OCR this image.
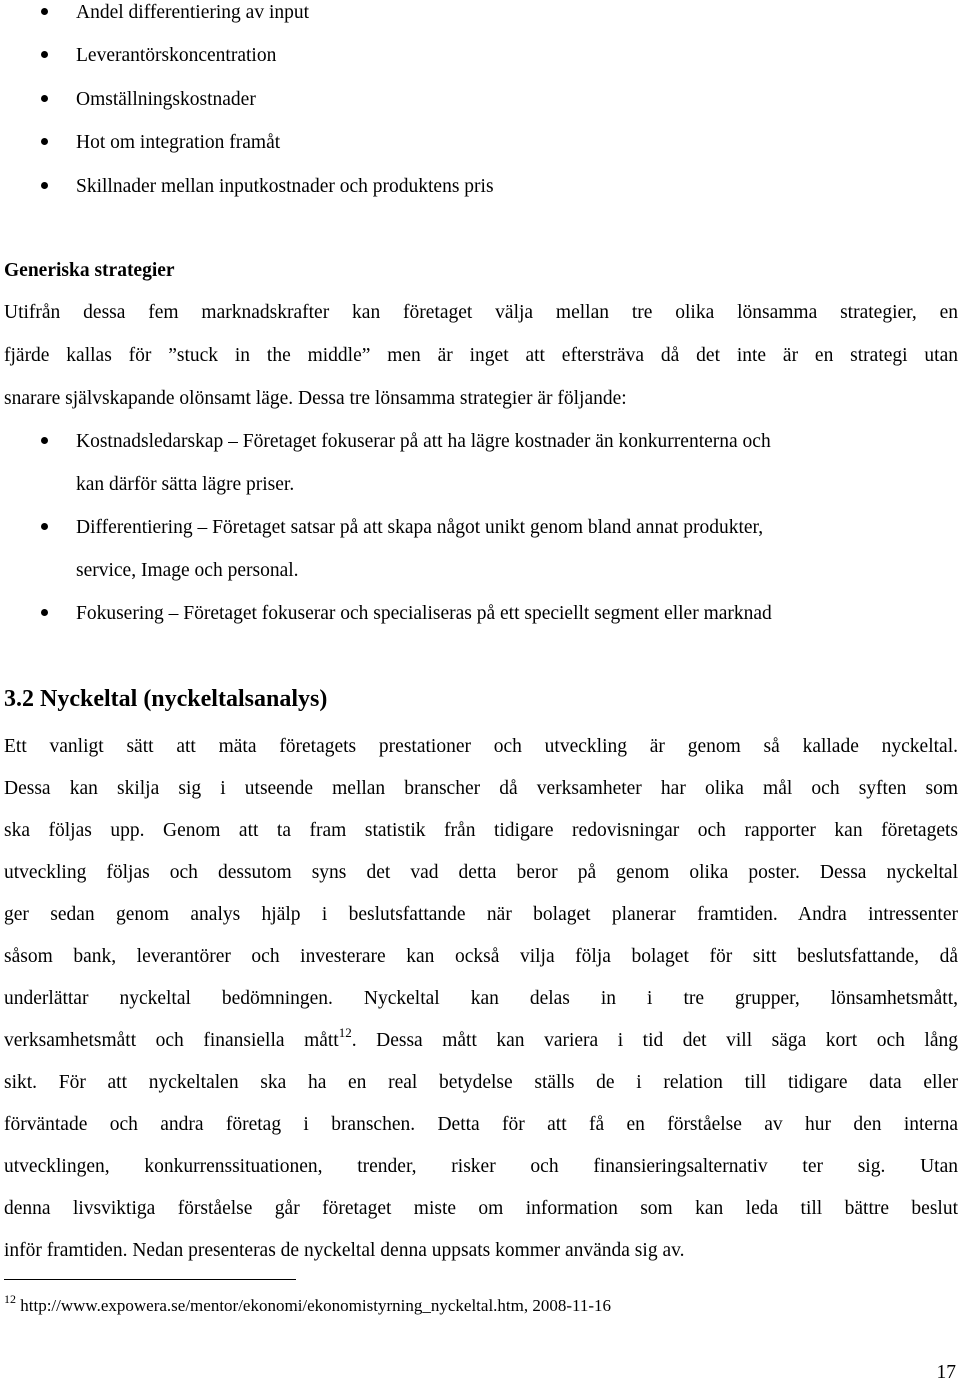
Andel differentiering av input
Leverantörskoncentration
Omställningskostnader
Hot om integration framåt
Skillnader mellan inputkostnader och produktens pris
Generiska strategier
Utifrån dessa fem marknadskrafter kan företaget välja mellan tre olika lönsamma strategier, en
fjärde kallas för ”stuck in the middle” men är inget att eftersträva då det inte är en strategi utan
snarare självskapande olönsamt läge. Dessa tre lönsamma strategier är följande:
Kostnadsledarskap – Företaget fokuserar på att ha lägre kostnader än konkurrenterna och
kan därför sätta lägre priser.
Differentiering – Företaget satsar på att skapa något unikt genom bland annat produkter,
service, Image och personal.
Fokusering – Företaget fokuserar och specialiseras på ett speciellt segment eller marknad
3.2 Nyckeltal (nyckeltalsanalys)
Ett vanligt sätt att mäta företagets prestationer och utveckling är genom så kallade nyckeltal.
Dessa kan skilja sig i utseende mellan branscher då verksamheter har olika mål och syften som
ska följas upp. Genom att ta fram statistik från tidigare redovisningar och rapporter kan företagets
utveckling följas och dessutom syns det vad detta beror på genom olika poster. Dessa nyckeltal
ger sedan genom analys hjälp i beslutsfattande när bolaget planerar framtiden. Andra intressenter
såsom bank, leverantörer och investerare kan också vilja följa bolaget för sitt beslutsfattande, då
underlättar nyckeltal bedömningen. Nyckeltal kan delas in i tre grupper, lönsamhetsmått,
verksamhetsmått och finansiella mått$^{12}$. Dessa mått kan variera i tid det vill säga kort och lång
sikt. För att nyckeltalen ska ha en real betydelse ställs de i relation till tidigare data eller
förväntade och andra företag i branschen. Detta för att få en förståelse av hur den interna
utvecklingen, konkurrenssituationen, trender, risker och finansieringsalternativ ter sig. Utan
denna livsviktiga förståelse går företaget miste om information som kan leda till bättre beslut
inför framtiden. Nedan presenteras de nyckeltal denna uppsats kommer använda sig av.
$^{12}$ http://www.expowera.se/mentor/ekonomi/ekonomistyrning_nyckeltal.htm, 2008-11-16
17
